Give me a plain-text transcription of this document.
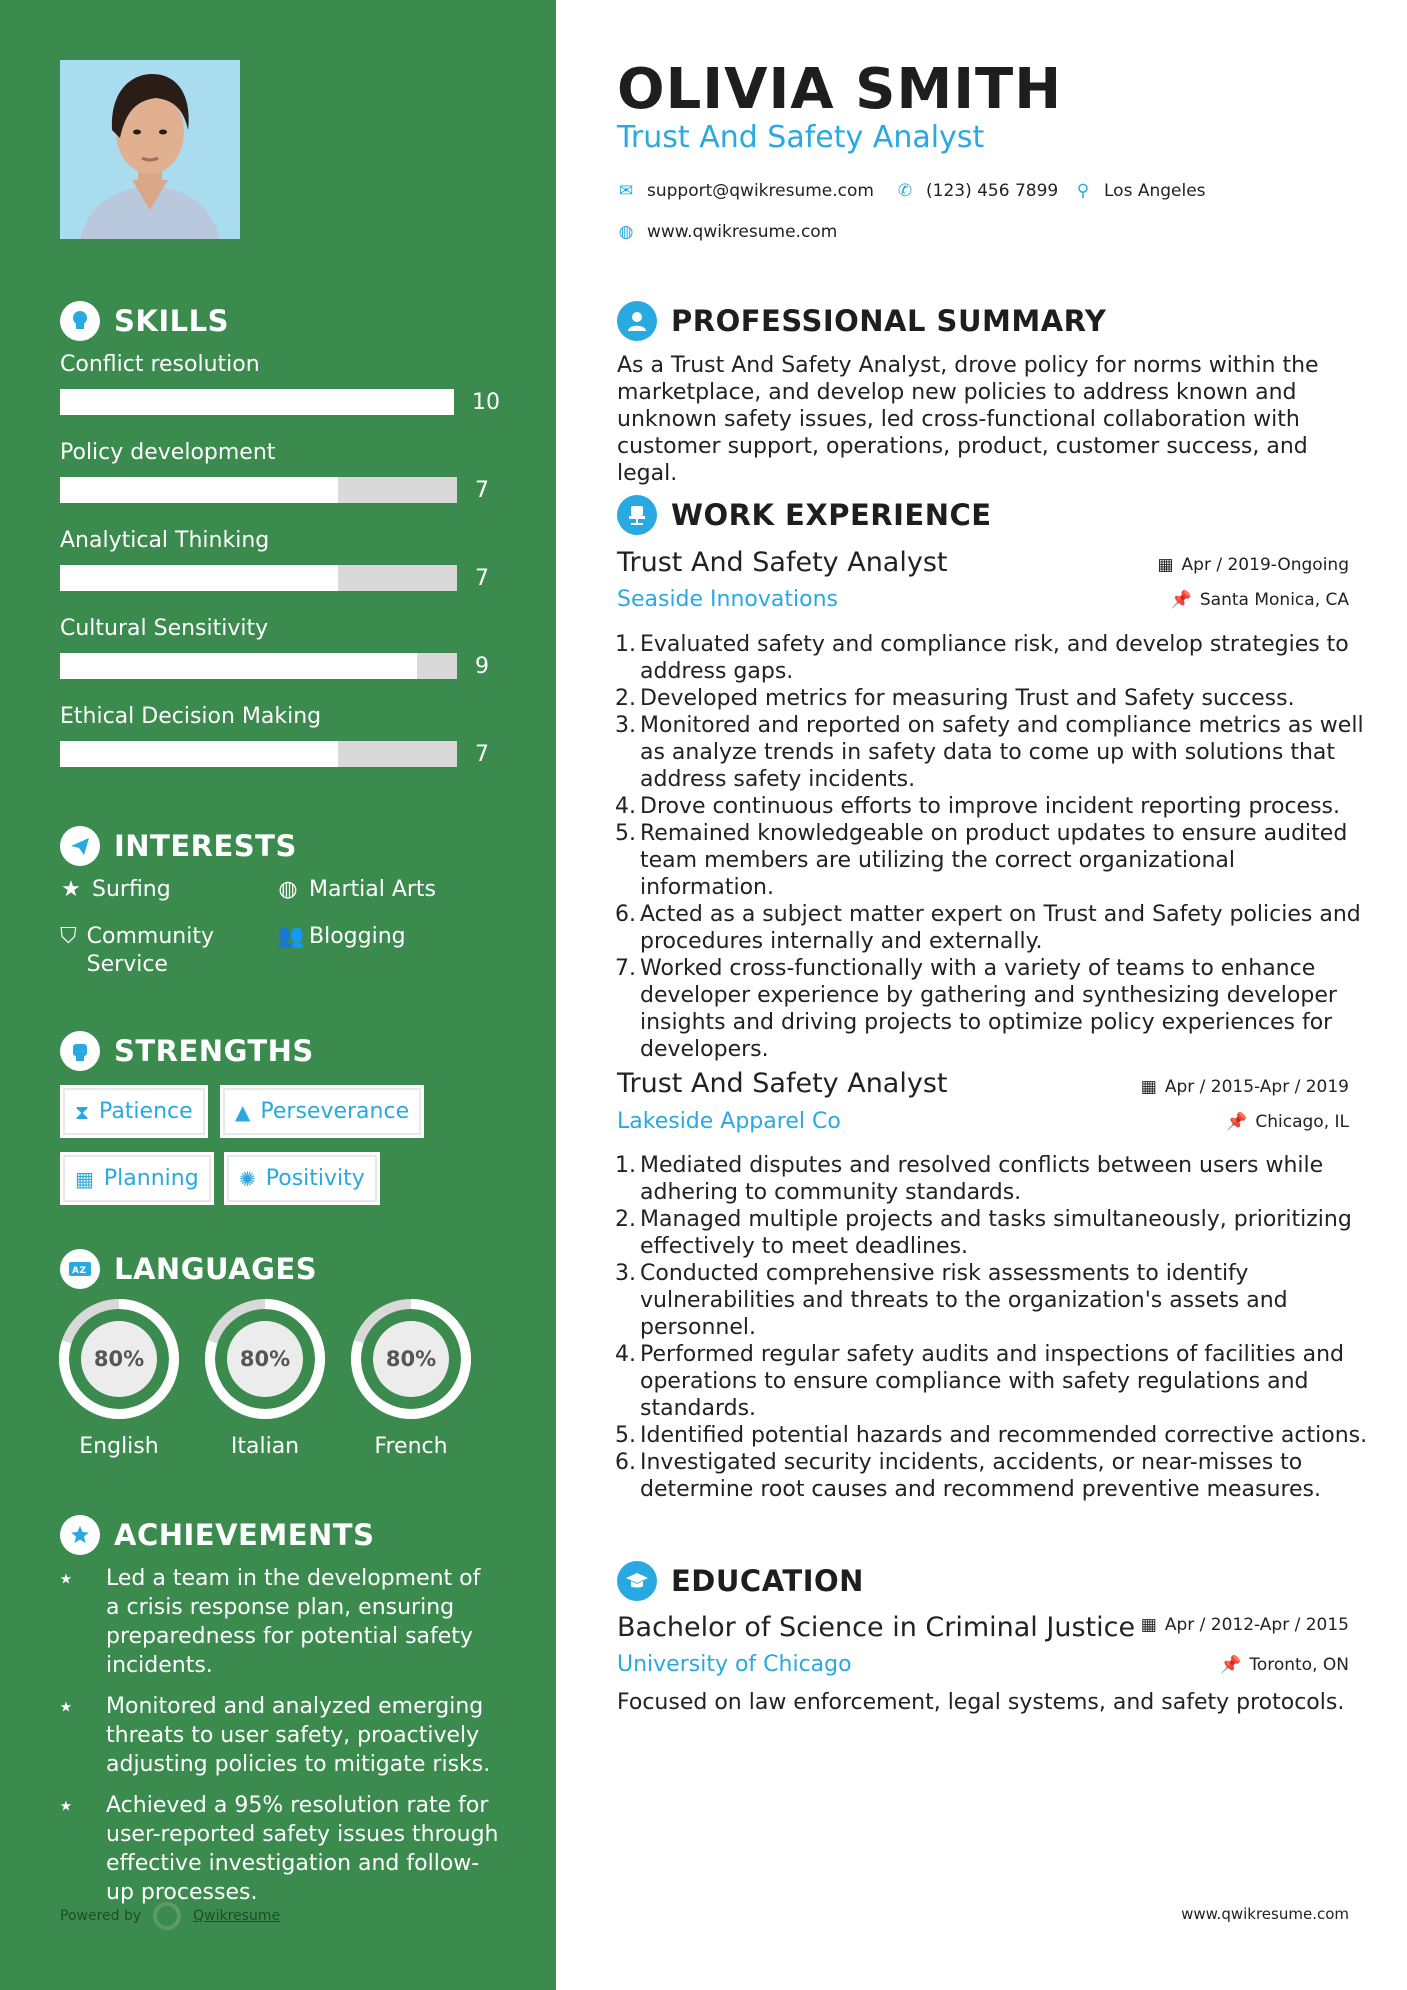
SKILLS
Conflict resolution
10
Policy development
7
Analytical Thinking
7
Cultural Sensitivity
9
Ethical Decision Making
7
INTERESTS
★ Surfing	◍ Martial Arts
⛉ Community Service
👥 Blogging
STRENGTHS
⧗ Patience ▲ Perseverance
▦ Planning ✺ Positivity
AZ LANGUAGES
80%
English
80%
Italian
80%
French
ACHIEVEMENTS
⭑	Led a team in the development of a crisis response plan, ensuring preparedness for potential safety incidents.
⭑	Monitored and analyzed emerging threats to user safety, proactively adjusting policies to mitigate risks.
⭑	Achieved a 95% resolution rate for user-reported safety issues through effective investigation and follow-up processes.
Powered by	Qwikresume
OLIVIA SMITH
Trust And Safety Analyst
✉ support@qwikresume.com ✆ (123) 456 7899 ⚲ Los Angeles
◍ www.qwikresume.com
PROFESSIONAL SUMMARY
As a Trust And Safety Analyst, drove policy for norms within the marketplace, and develop new policies to address known and unknown safety issues, led cross-functional collaboration with customer support, operations, product, customer success, and legal.
WORK EXPERIENCE
Trust And Safety Analyst
Seaside Innovations
▦ Apr / 2019-Ongoing
📌 Santa Monica, CA
1. Evaluated safety and compliance risk, and develop strategies to address gaps.
2. Developed metrics for measuring Trust and Safety success.
3. Monitored and reported on safety and compliance metrics as well as analyze trends in safety data to come up with solutions that address safety incidents.
4. Drove continuous efforts to improve incident reporting process.
5. Remained knowledgeable on product updates to ensure audited team members are utilizing the correct organizational information.
6. Acted as a subject matter expert on Trust and Safety policies and procedures internally and externally.
7. Worked cross-functionally with a variety of teams to enhance developer experience by gathering and synthesizing developer insights and driving projects to optimize policy experiences for developers.
Trust And Safety Analyst
Lakeside Apparel Co
▦ Apr / 2015-Apr / 2019
📌 Chicago, IL
1. Mediated disputes and resolved conflicts between users while adhering to community standards.
2. Managed multiple projects and tasks simultaneously, prioritizing effectively to meet deadlines.
3. Conducted comprehensive risk assessments to identify vulnerabilities and threats to the organization's assets and personnel.
4. Performed regular safety audits and inspections of facilities and operations to ensure compliance with safety regulations and standards.
5. Identified potential hazards and recommended corrective actions.
6. Investigated security incidents, accidents, or near-misses to determine root causes and recommend preventive measures.
EDUCATION
Bachelor of Science in Criminal Justice
University of Chicago
▦ Apr / 2012-Apr / 2015
📌 Toronto, ON
Focused on law enforcement, legal systems, and safety protocols.
www.qwikresume.com
